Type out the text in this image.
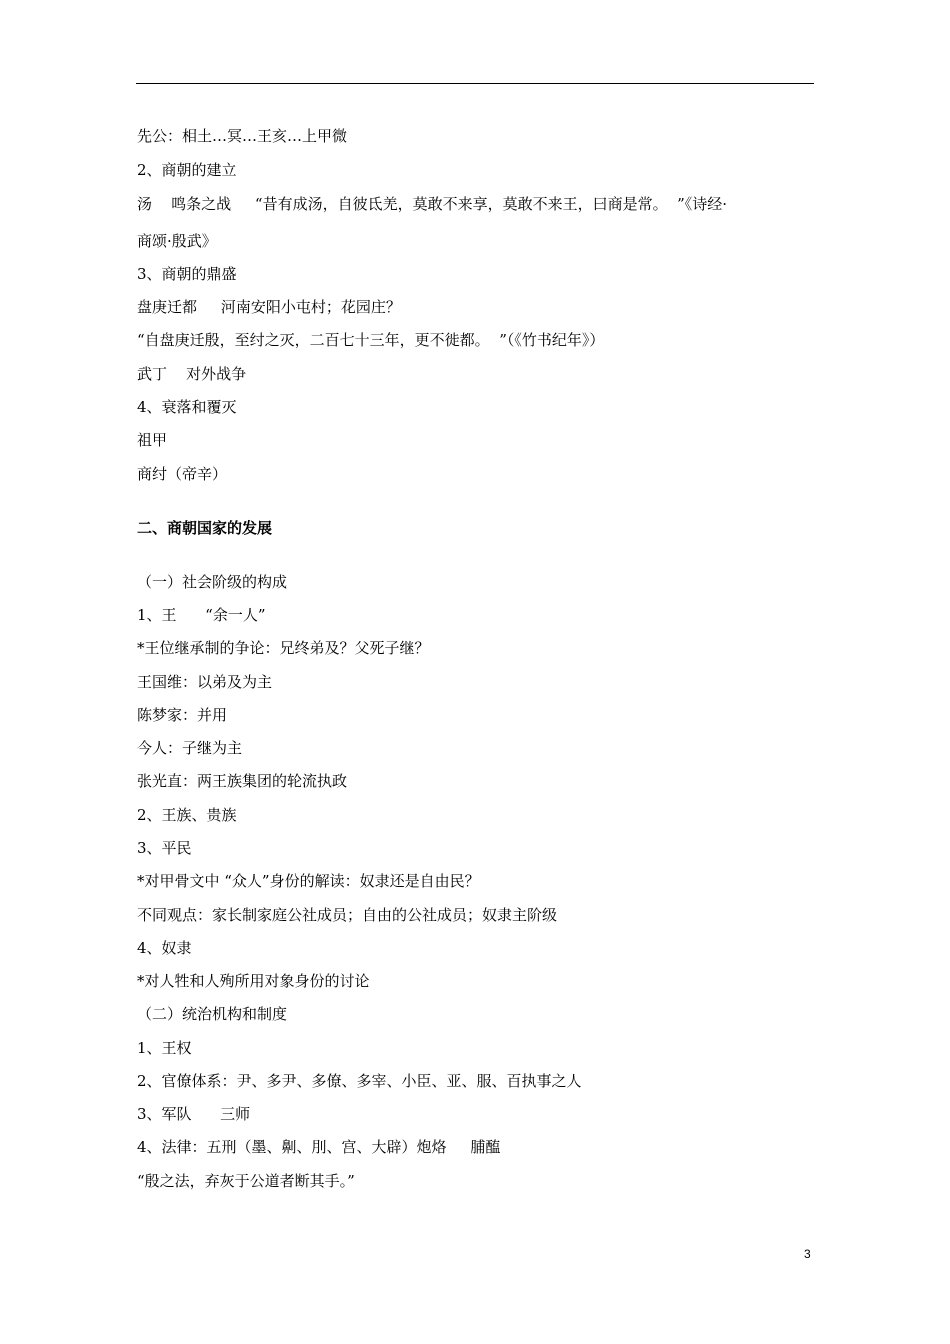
先公：相土…冥…王亥…上甲微
2、商朝的建立
汤    鸣条之战     “昔有成汤，自彼氐羌，莫敢不来享，莫敢不来王，曰商是常。  ”《诗经·
商颂·殷武》
3、商朝的鼎盛
盘庚迁都     河南安阳小屯村；花园庄？
“自盘庚迁殷，至纣之灭，二百七十三年，更不徙都。  ”（《竹书纪年》）
武丁    对外战争
4、衰落和覆灭
祖甲
商纣（帝辛）
二、商朝国家的发展
（一）社会阶级的构成
1、王      “余一人”
*王位继承制的争论：兄终弟及？父死子继？
王国维：以弟及为主
陈梦家：并用
今人：子继为主
张光直：两王族集团的轮流执政
2、王族、贵族
3、平民
*对甲骨文中 “众人”身份的解读：奴隶还是自由民？
不同观点：家长制家庭公社成员；自由的公社成员；奴隶主阶级
4、奴隶
*对人牲和人殉所用对象身份的讨论
（二）统治机构和制度
1、王权
2、官僚体系：尹、多尹、多僚、多宰、小臣、亚、服、百执事之人
3、军队      三师
4、法律：五刑（墨、劓、刖、宫、大辟）炮烙     脯醢
“殷之法，弃灰于公道者断其手。”
3
